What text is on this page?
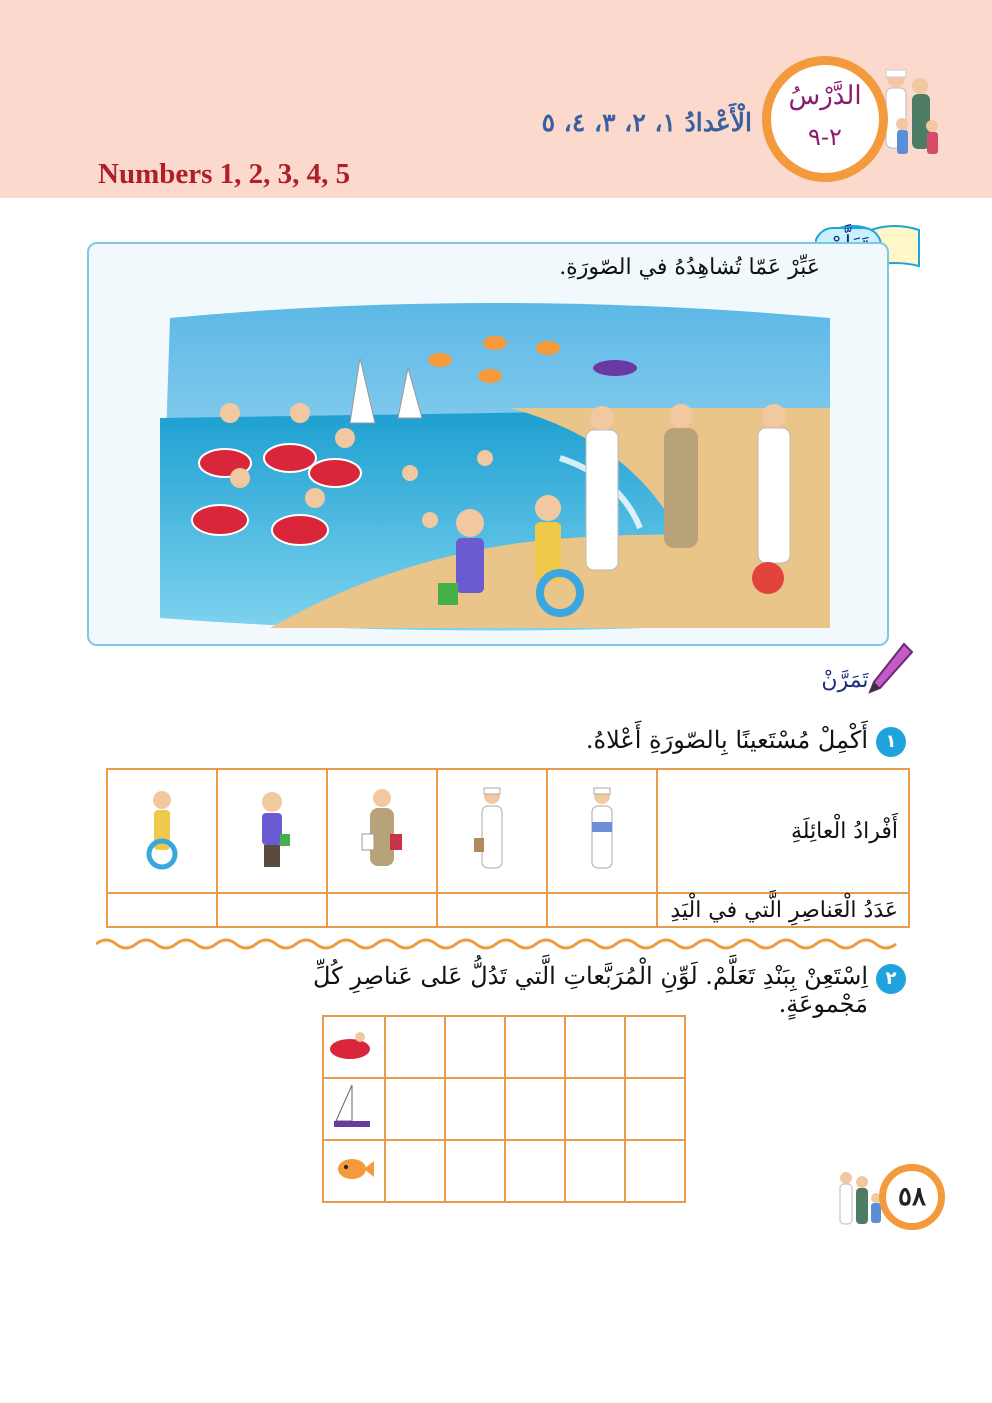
الدَّرْسُ
٢-٩
الْأَعْدادُ ١، ٢، ٣، ٤، ٥
Numbers 1, 2, 3, 4, 5
عَبِّرْ عَمّا تُشاهِدُهُ في الصّورَةِ.
تَمَرَّنْ
١
أَكْمِلْ مُسْتَعينًا بِالصّورَةِ أَعْلاهُ.
					أَفْرادُ الْعائِلَةِ
					عَدَدُ الْعَناصِرِ الَّتي في الْيَدِ
٢
اِسْتَعِنْ بِبَنْدِ تَعَلَّمْ. لَوِّنِ الْمُرَبَّعاتِ الَّتي تَدُلُّ عَلى عَناصِرِ كُلِّ مَجْموعَةٍ.

٥٨
